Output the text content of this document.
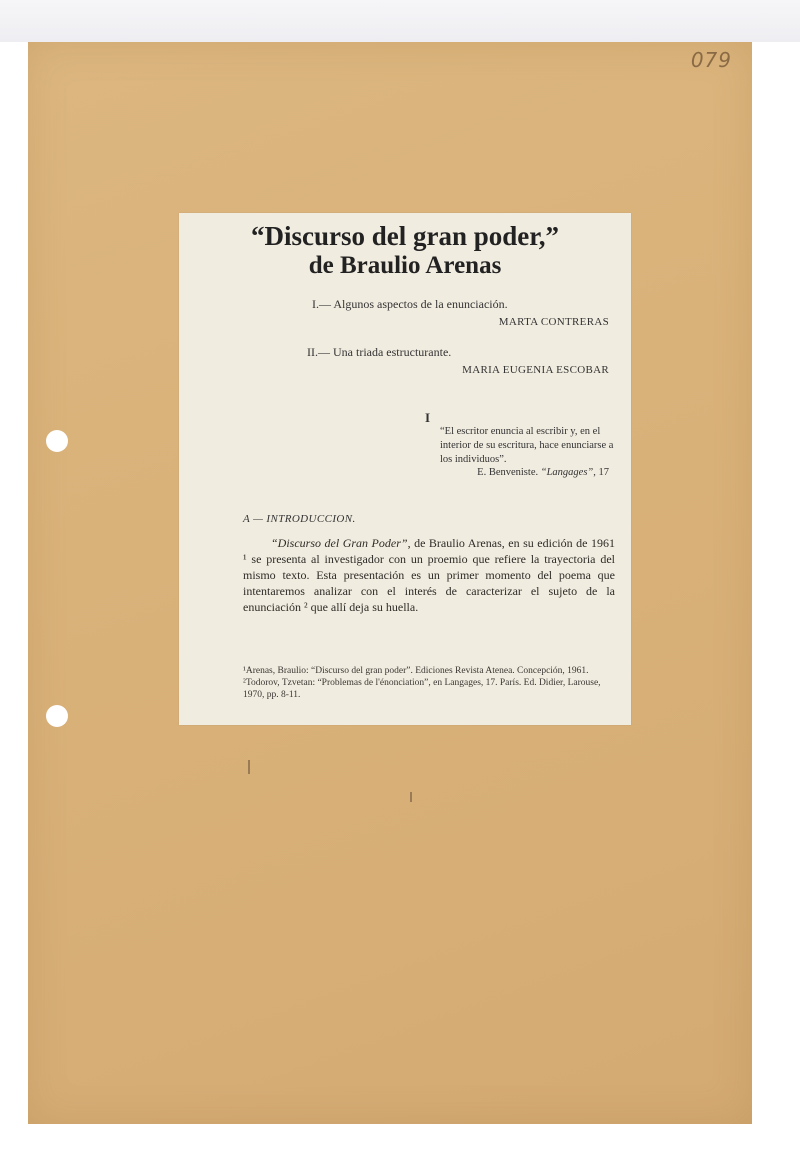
079
“Discurso del gran poder,”
de Braulio Arenas
I.— Algunos aspectos de la enunciación.
MARTA CONTRERAS
II.— Una triada estructurante.
MARIA EUGENIA ESCOBAR
I
“El escritor enuncia al escribir y, en el interior de su escritura, hace enunciarse a los individuos”.
E. Benveniste. “Langages”, 17
A — INTRODUCCION.
“Discurso del Gran Poder”, de Braulio Arenas, en su edición de 1961 ¹ se presenta al investigador con un proemio que refiere la trayectoria del mismo texto. Esta presentación es un primer momento del poema que intentaremos analizar con el interés de caracterizar el sujeto de la enunciación ² que allí deja su huella.
¹Arenas, Braulio: “Discurso del gran poder”. Ediciones Revista Atenea. Concepción, 1961.
²Todorov, Tzvetan: “Problemas de l'énonciation”, en Langages, 17. París. Ed. Didier, Larouse, 1970, pp. 8-11.
